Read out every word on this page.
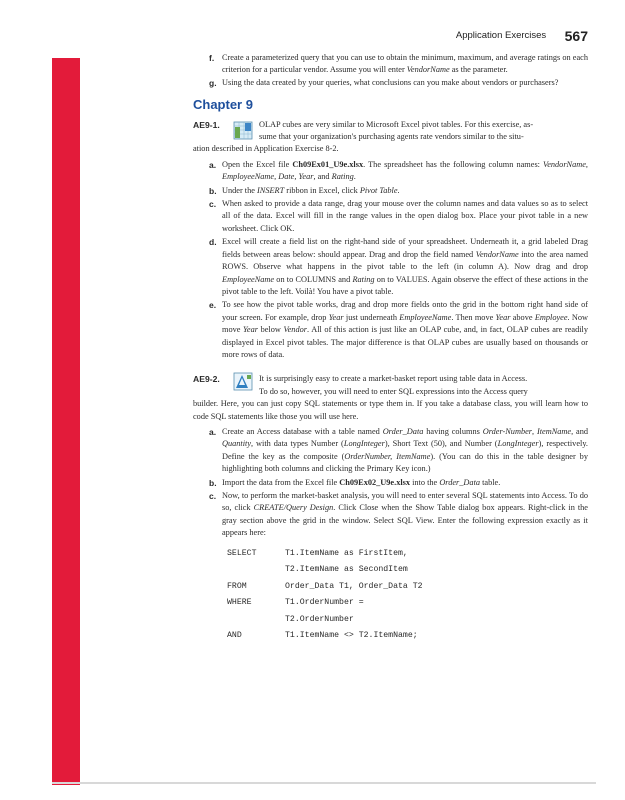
Application Exercises 567
f. Create a parameterized query that you can use to obtain the minimum, maximum, and average ratings on each criterion for a particular vendor. Assume you will enter VendorName as the parameter.
g. Using the data created by your queries, what conclusions can you make about vendors or purchasers?
Chapter 9
AE9-1.	OLAP cubes are very similar to Microsoft Excel pivot tables. For this exercise, as-
sume that your organization's purchasing agents rate vendors similar to the situ-
ation described in Application Exercise 8-2.
a. Open the Excel file Ch09Ex01_U9e.xlsx. The spreadsheet has the following column names: VendorName, EmployeeName, Date, Year, and Rating.
b. Under the INSERT ribbon in Excel, click Pivot Table.
c. When asked to provide a data range, drag your mouse over the column names and data values so as to select all of the data. Excel will fill in the range values in the open dialog box. Place your pivot table in a new worksheet. Click OK.
d. Excel will create a field list on the right-hand side of your spreadsheet. Underneath it, a grid labeled Drag fields between areas below: should appear. Drag and drop the field named VendorName into the area named ROWS. Observe what happens in the pivot table to the left (in column A). Now drag and drop EmployeeName on to COLUMNS and Rating on to VALUES. Again observe the effect of these actions in the pivot table to the left. Voilà! You have a pivot table.
e. To see how the pivot table works, drag and drop more fields onto the grid in the bottom right hand side of your screen. For example, drop Year just underneath EmployeeName. Then move Year above Employee. Now move Year below Vendor. All of this action is just like an OLAP cube, and, in fact, OLAP cubes are readily displayed in Excel pivot tables. The major difference is that OLAP cubes are usually based on thousands or more rows of data.
AE9-2.	It is surprisingly easy to create a market-basket report using table data in Access.
To do so, however, you will need to enter SQL expressions into the Access query
builder. Here, you can just copy SQL statements or type them in. If you take a database class, you will learn how to code SQL statements like those you will use here.
a. Create an Access database with a table named Order_Data having columns Order-Number, ItemName, and Quantity, with data types Number (LongInteger), Short Text (50), and Number (LongInteger), respectively. Define the key as the composite (OrderNumber, ItemName). (You can do this in the table designer by highlighting both columns and clicking the Primary Key icon.)
b. Import the data from the Excel file Ch09Ex02_U9e.xlsx into the Order_Data table.
c. Now, to perform the market-basket analysis, you will need to enter several SQL statements into Access. To do so, click CREATE/Query Design. Click Close when the Show Table dialog box appears. Right-click in the gray section above the grid in the window. Select SQL View. Enter the following expression exactly as it appears here:
SELECT	T1.ItemName as FirstItem,
T2.ItemName as SecondItem
FROM	Order_Data T1, Order_Data T2
WHERE	T1.OrderNumber =
T2.OrderNumber
AND	T1.ItemName <> T2.ItemName;
